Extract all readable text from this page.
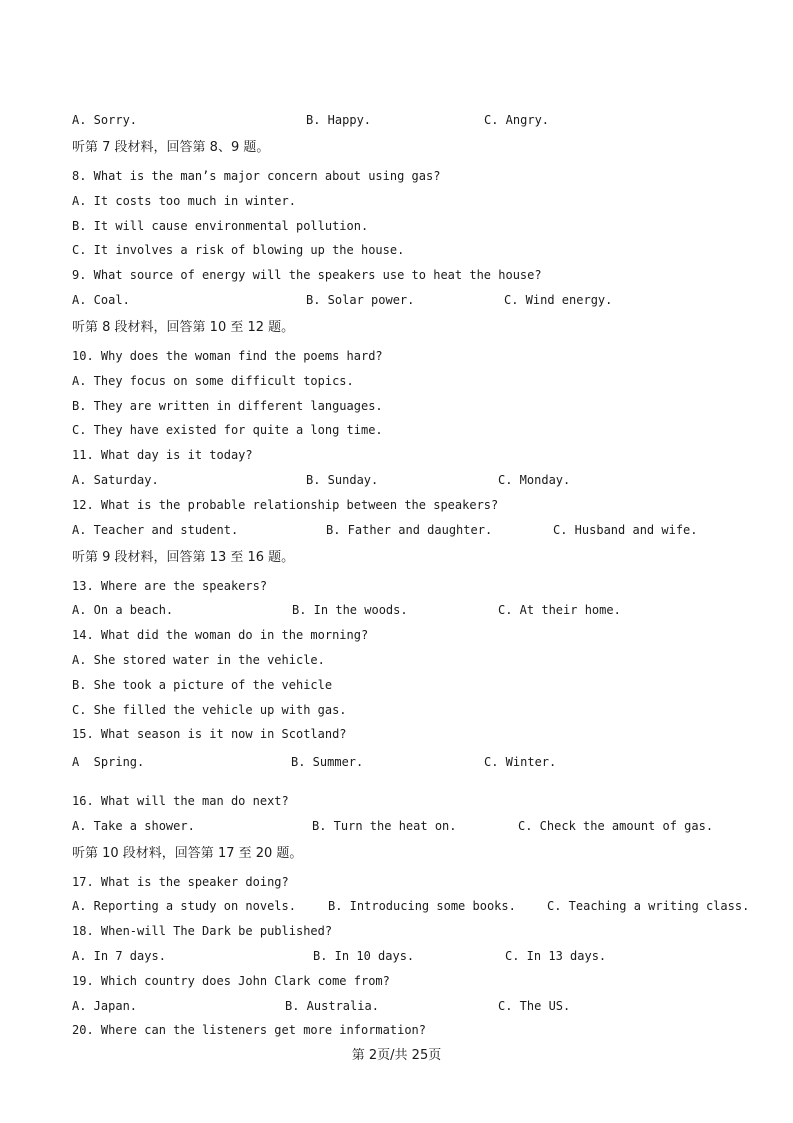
A. Sorry.	B. Happy.	C. Angry.
听第 7 段材料，回答第 8、9 题。
8. What is the man’s major concern about using gas?
A. It costs too much in winter.
B. It will cause environmental pollution.
C. It involves a risk of blowing up the house.
9. What source of energy will the speakers use to heat the house?
A. Coal.	B. Solar power.	C. Wind energy.
听第 8 段材料，回答第 10 至 12 题。
10. Why does the woman find the poems hard?
A. They focus on some difficult topics.
B. They are written in different languages.
C. They have existed for quite a long time.
11. What day is it today?
A. Saturday.	B. Sunday.	C. Monday.
12. What is the probable relationship between the speakers?
A. Teacher and student.	B. Father and daughter.	C. Husband and wife.
听第 9 段材料，回答第 13 至 16 题。
13. Where are the speakers?
A. On a beach.	B. In the woods.	C. At their home.
14. What did the woman do in the morning?
A. She stored water in the vehicle.
B. She took a picture of the vehicle
C. She filled the vehicle up with gas.
15. What season is it now in Scotland?
A  Spring.	B. Summer.	C. Winter.
16. What will the man do next?
A. Take a shower.	B. Turn the heat on.	C. Check the amount of gas.
听第 10 段材料，回答第 17 至 20 题。
17. What is the speaker doing?
A. Reporting a study on novels.	B. Introducing some books.	C. Teaching a writing class.
18. When-will The Dark be published?
A. In 7 days.	B. In 10 days.	C. In 13 days.
19. Which country does John Clark come from?
A. Japan.	B. Australia.	C. The US.
20. Where can the listeners get more information?
第 2页/共 25页
